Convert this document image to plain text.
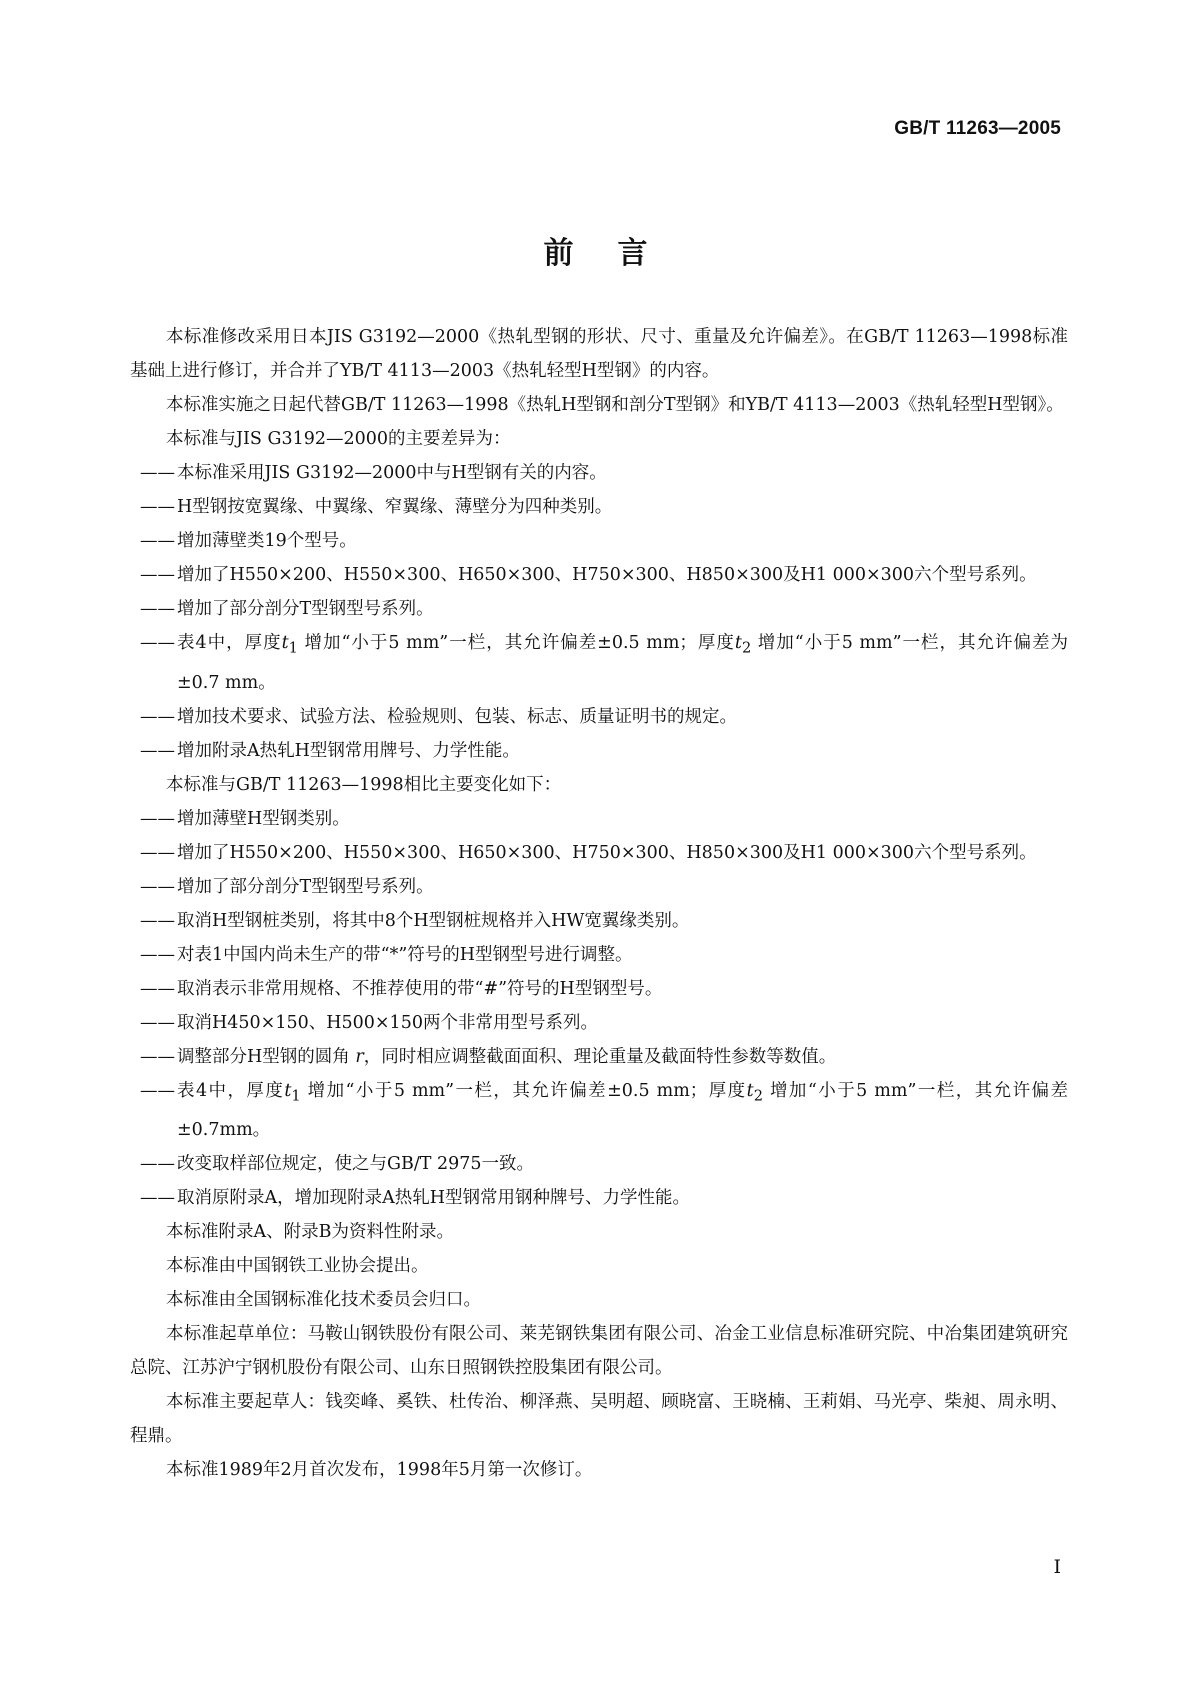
GB/T 11263—2005
前言

本标准修改采用日本JIS G3192—2000《热轧型钢的形状、尺寸、重量及允许偏差》。在GB/T 11263—1998标准基础上进行修订，并合并了YB/T 4113—2003《热轧轻型H型钢》的内容。

本标准实施之日起代替GB/T 11263—1998《热轧H型钢和剖分T型钢》和YB/T 4113—2003《热轧轻型H型钢》。

本标准与JIS G3192—2000的主要差异为：

—— 本标准采用JIS G3192—2000中与H型钢有关的内容。

—— H型钢按宽翼缘、中翼缘、窄翼缘、薄壁分为四种类别。

—— 增加薄壁类19个型号。

—— 增加了H550×200、H550×300、H650×300、H750×300、H850×300及H1 000×300六个型号系列。

—— 增加了部分剖分T型钢型号系列。

—— 表4中，厚度$t_1$ 增加“小于5 mm”一栏，其允许偏差±0.5 mm；厚度$t_2$ 增加“小于5 mm”一栏，其允许偏差为±0.7 mm。

—— 增加技术要求、试验方法、检验规则、包装、标志、质量证明书的规定。

—— 增加附录A热轧H型钢常用牌号、力学性能。

本标准与GB/T 11263—1998相比主要变化如下：

—— 增加薄壁H型钢类别。

—— 增加了H550×200、H550×300、H650×300、H750×300、H850×300及H1 000×300六个型号系列。

—— 增加了部分剖分T型钢型号系列。

—— 取消H型钢桩类别，将其中8个H型钢桩规格并入HW宽翼缘类别。

—— 对表1中国内尚未生产的带“*”符号的H型钢型号进行调整。

—— 取消表示非常用规格、不推荐使用的带“#”符号的H型钢型号。

—— 取消H450×150、H500×150两个非常用型号系列。

—— 调整部分H型钢的圆角 r，同时相应调整截面面积、理论重量及截面特性参数等数值。

—— 表4中，厚度$t_1$ 增加“小于5 mm”一栏，其允许偏差±0.5 mm；厚度$t_2$ 增加“小于5 mm”一栏，其允许偏差±0.7mm。

—— 改变取样部位规定，使之与GB/T 2975一致。

—— 取消原附录A，增加现附录A热轧H型钢常用钢种牌号、力学性能。

本标准附录A、附录B为资料性附录。

本标准由中国钢铁工业协会提出。

本标准由全国钢标准化技术委员会归口。

本标准起草单位：马鞍山钢铁股份有限公司、莱芜钢铁集团有限公司、冶金工业信息标准研究院、中冶集团建筑研究总院、江苏沪宁钢机股份有限公司、山东日照钢铁控股集团有限公司。

本标准主要起草人：钱奕峰、奚铁、杜传治、柳泽燕、吴明超、顾晓富、王晓楠、王莉娟、马光亭、柴昶、周永明、程鼎。

本标准1989年2月首次发布，1998年5月第一次修订。

I
